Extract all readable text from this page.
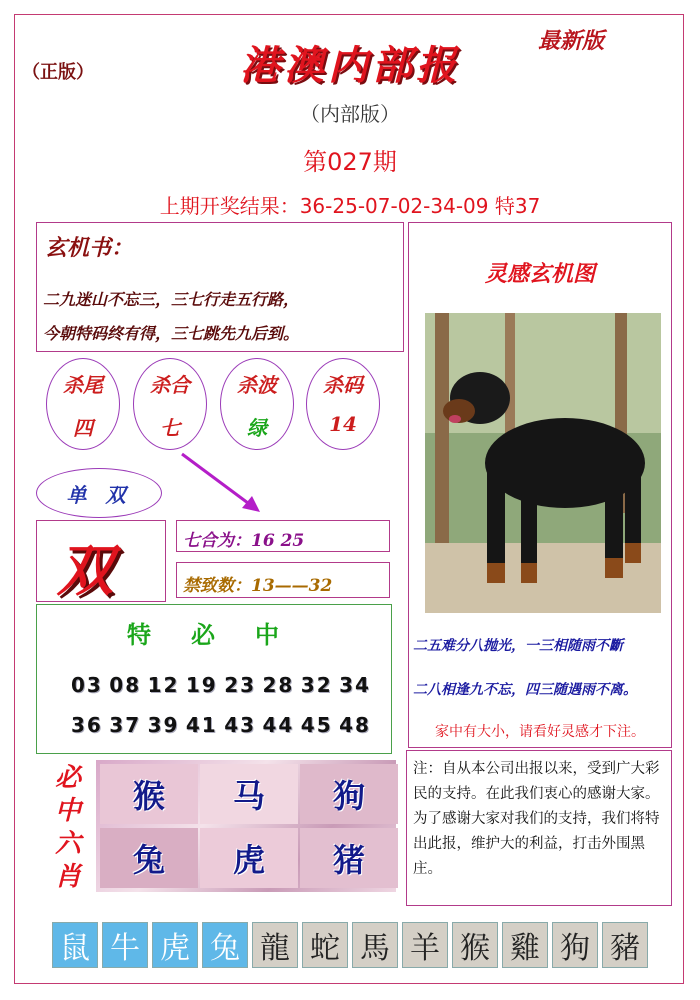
（正版）
最新版
港澳内部报
（内部版）
第027期
上期开奖结果：36-25-07-02-34-09 特37
玄机书：
二九迷山不忘三，三七行走五行路，
今朝特码终有得，三七跳先九后到。
杀尾
四
杀合
七
杀波
绿
杀码
14
单 双
双	七合为：16 25
禁致数：13——32
特必中
03 08 12 19 23 28 32 34
36 37 39 41 43 44 45 48
必
中
六
肖
猴	马	狗
兔	虎	猪
灵感玄机图
二五难分八抛光，一三相随雨不斷
二八相逢九不忘，四三随遇雨不离。
家中有大小，请看好灵感才下注。
注：自从本公司出报以来，受到广大彩民的支持。在此我们衷心的感谢大家。为了感谢大家对我们的支持，我们将特出此报，维护大的利益，打击外围黑庄。
鼠 牛 虎 兔 龍 蛇 馬 羊 猴 雞 狗 豬
